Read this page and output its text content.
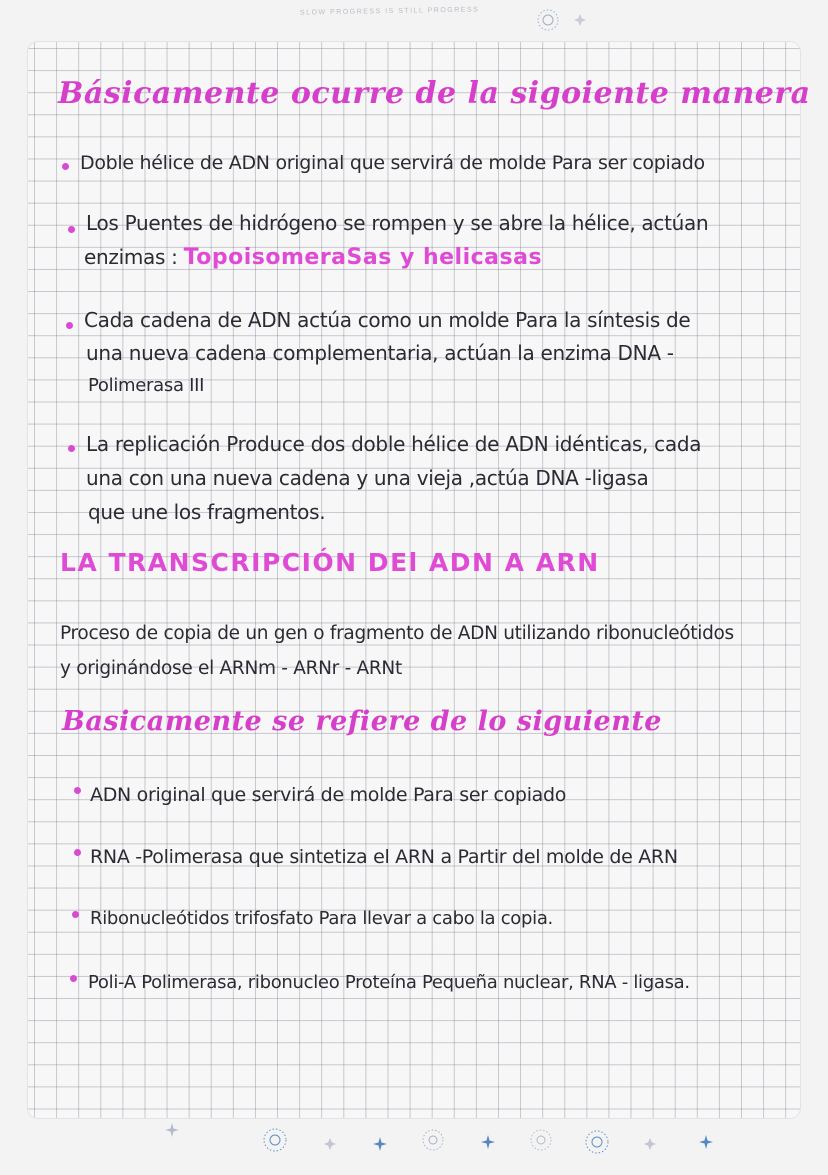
SLOW PROGRESS IS STILL PROGRESS
Básicamente ocurre de la sigoiente manera
Doble hélice de ADN original que servirá de molde Para ser copiado
Los Puentes de hidrógeno se rompen y se abre la hélice, actúan
enzimas : TopoisomeraSas y helicasas
Cada cadena de ADN actúa como un molde Para la síntesis de
una nueva cadena complementaria, actúan la enzima DNA -
Polimerasa III
La replicación Produce dos doble hélice de ADN idénticas, cada
una con una nueva cadena y una vieja ,actúa DNA -ligasa
que une los fragmentos.
LA TRANSCRIPCIÓN DEl ADN A ARN
Proceso de copia de un gen o fragmento de ADN utilizando ribonucleótidos
y originándose el ARNm - ARNr - ARNt
Basicamente se refiere de lo siguiente
ADN original que servirá de molde Para ser copiado
RNA -Polimerasa que sintetiza el ARN a Partir del molde de ARN
Ribonucleótidos trifosfato Para llevar a cabo la copia.
Poli-A Polimerasa, ribonucleo Proteína Pequeña nuclear, RNA - ligasa.
